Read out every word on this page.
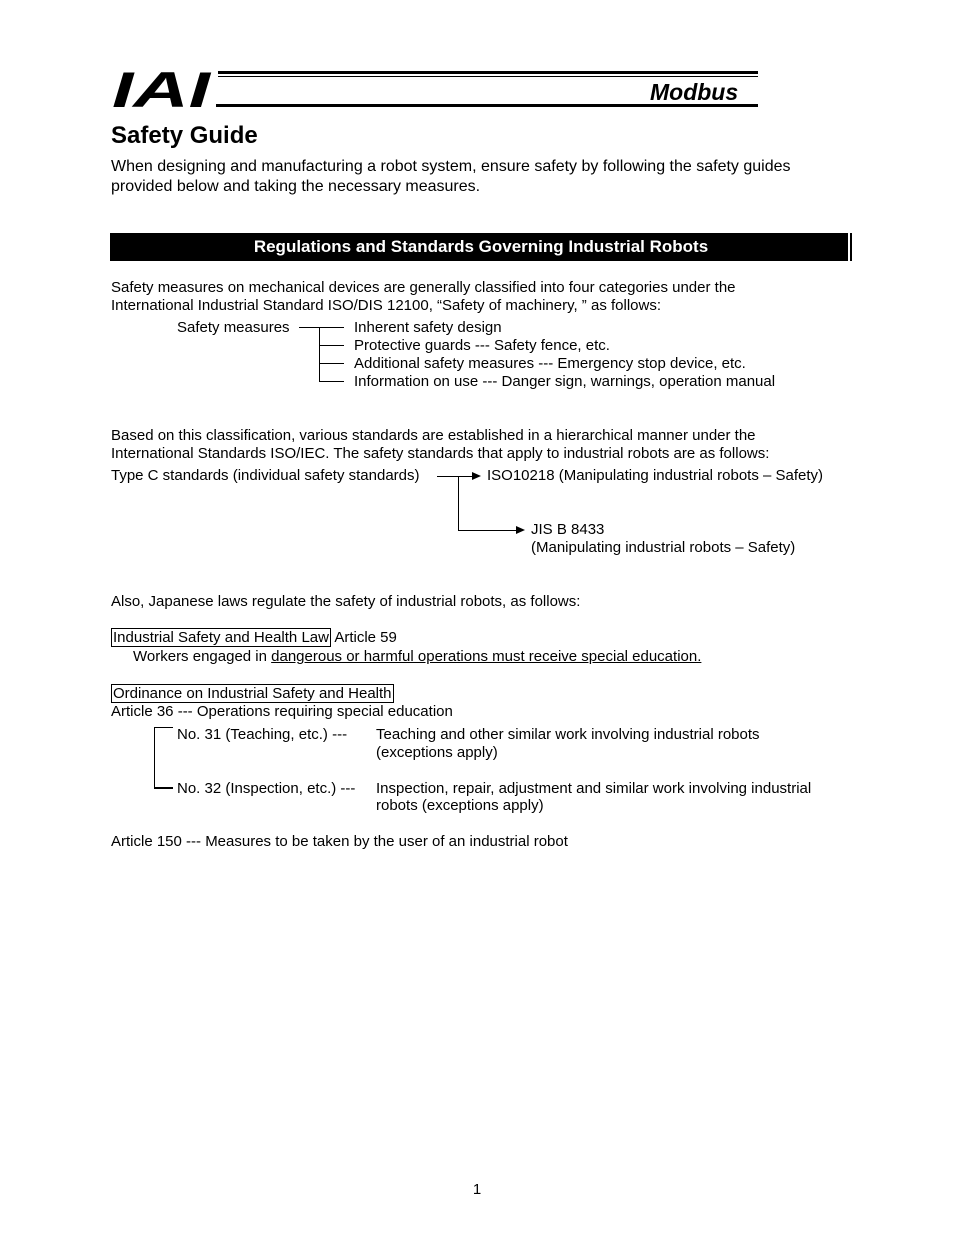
IAI	Modbus
Safety Guide
When designing and manufacturing a robot system, ensure safety by following the safety guides
provided below and taking the necessary measures.
Regulations and Standards Governing Industrial Robots
Safety measures on mechanical devices are generally classified into four categories under the
International Industrial Standard ISO/DIS 12100, “Safety of machinery, ” as follows:
Safety measures	Inherent safety design
Protective guards --- Safety fence, etc.
Additional safety measures --- Emergency stop device, etc.
Information on use --- Danger sign, warnings, operation manual
Based on this classification, various standards are established in a hierarchical manner under the
International Standards ISO/IEC. The safety standards that apply to industrial robots are as follows:
Type C standards (individual safety standards)	ISO10218 (Manipulating industrial robots – Safety)
JIS B 8433
(Manipulating industrial robots – Safety)
Also, Japanese laws regulate the safety of industrial robots, as follows:
Industrial Safety and Health Law Article 59
Workers engaged in dangerous or harmful operations must receive special education.
Ordinance on Industrial Safety and Health
Article 36 --- Operations requiring special education
No. 31 (Teaching, etc.) --- Teaching and other similar work involving industrial robots
(exceptions apply)
No. 32 (Inspection, etc.) --- Inspection, repair, adjustment and similar work involving industrial
robots (exceptions apply)
Article 150 --- Measures to be taken by the user of an industrial robot
1
